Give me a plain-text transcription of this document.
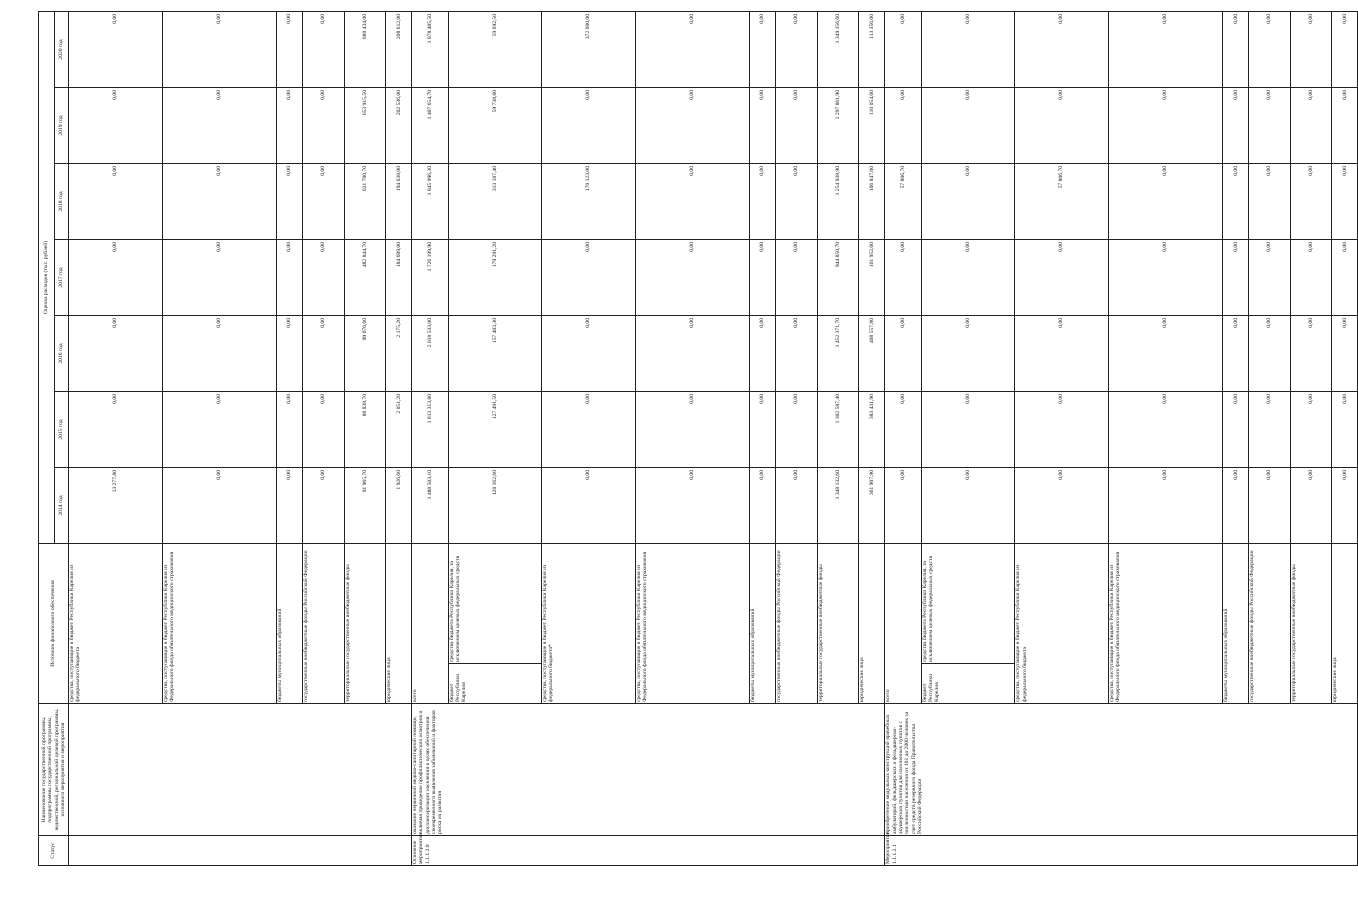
Статус	Наименование государственной программы, подпрограммы государственной программы, ведомственной, региональной целевой программы, основного мероприятия и мероприятия	Источник финансового обеспечения		Оценка расходов (тыс. рублей)						
				2014 год	2015 год	2016 год	2017 год	2018 год	2019 год	2020 год
		средства, поступающие в бюджет Республики Карелия из федерального бюджета		13 277,80	0,00	0,00	0,00	0,00	0,00	0,00
		средства, поступающие в бюджет Республики Карелия из Федерального фонда обязательного медицинского страхования		0,00	0,00	0,00	0,00	0,00	0,00	0,00
		бюджеты муниципальных образований		0,00	0,00	0,00	0,00	0,00	0,00	0,00
		государственные внебюджетные фонды Российской Федерации		0,00	0,00	0,00	0,00	0,00	0,00	0,00
		территориальные государственные внебюджетные фонды		91 965,70	88 838,70	99 076,60	482 844,70	631 780,70	653 915,50	680 434,00
		юридические лица		1 926,60	2 051,20	2 175,20	184 689,00	194 638,00	202 536,00	208 612,00
Основное мероприятие 1.1.1.2.0	оказание первичной медико-санитарной помощи, включая проведение профилактических осмотров и диспансеризации населения в целях обеспечения своевременного выявления заболеваний и факторов риска их развития	всего		1 488 503,10	1 813 313,80	2 018 533,00	1 726 199,90	1 845 996,30	1 407 654,70	1 878 485,50
		бюджет Республики Карелия	средства бюджета Республики Карелия, за исключением целевых федеральных средств	128 162,60	127 491,50	157 403,30	179 291,20	313 187,40	59 738,80	59 692,50
		средства, поступающие в бюджет Республики Карелия из федерального бюджета*		0,00	0,00	0,00	0,00	170 123,00	0,00	372 000,00
		средства, поступающие в бюджет Республики Карелия из Федерального фонда обязательного медицинского страхования		0,00	0,00	0,00	0,00	0,00	0,00	0,00
		бюджеты муниципальных образований		0,00	0,00	0,00	0,00	0,00	0,00	0,00
		государственные внебюджетные фонды Российской Федерации		0,00	0,00	0,00	0,00	0,00	0,00	0,00
		территориальные государственные внебюджетные фонды		1 348 132,60	1 302 587,40	1 452 371,70	944 850,70	1 254 938,90	1 297 861,90	1 349 356,60
		юридические лица		361 907,90	383 431,90	408 557,80	101 952,00	106 847,00	110 054,00	113 356,00
Мероприятие 1.1.1.2.1	приобретение модульных конструкций врачебных амбулаторий, фельдшерских и фельдшерско-акушерских пунктов для населенных пунктов с численностью населения от 101 до 2000 человек за счет средств резервного фонда Правительства Российской Федерации	всего		0,00	0,00	0,00	0,00	57 806,70	0,00	0,00
		бюджет Республики Карелия	средства бюджета Республики Карелия, за исключением целевых федеральных средств	0,00	0,00	0,00	0,00	0,00	0,00	0,00
		средства, поступающие в бюджет Республики Карелия из федерального бюджета		0,00	0,00	0,00	0,00	57 806,70	0,00	0,00
		средства, поступающие в бюджет Республики Карелия из Федерального фонда обязательного медицинского страхования		0,00	0,00	0,00	0,00	0,00	0,00	0,00
		бюджеты муниципальных образований		0,00	0,00	0,00	0,00	0,00	0,00	0,00
		государственные внебюджетные фонды Российской Федерации		0,00	0,00	0,00	0,00	0,00	0,00	0,00
		территориальные государственные внебюджетные фонды		0,00	0,00	0,00	0,00	0,00	0,00	0,00
		юридические лица		0,00	0,00	0,00	0,00	0,00	0,00	0,00
